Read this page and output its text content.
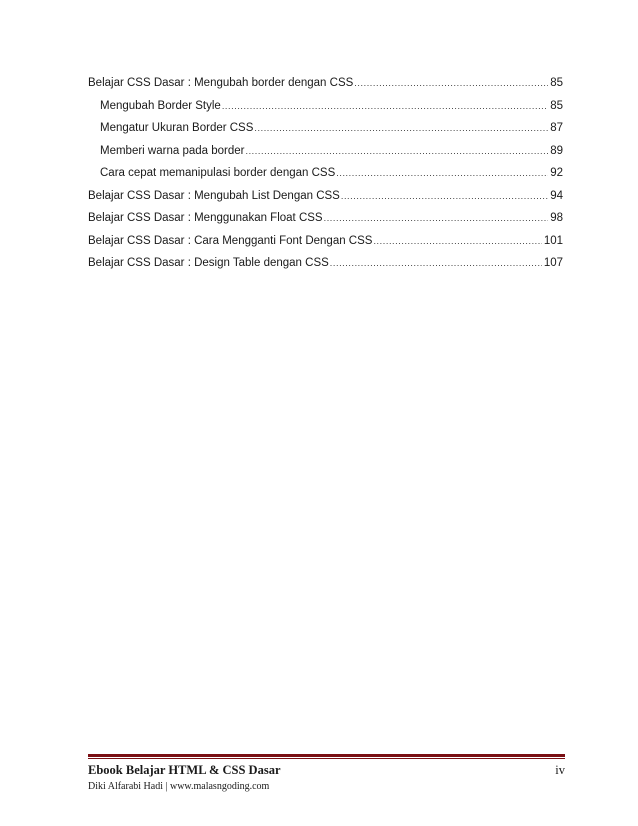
Belajar CSS Dasar : Mengubah border dengan CSS .....	85
Mengubah Border Style .....	85
Mengatur Ukuran Border CSS .....	87
Memberi warna pada border .....	89
Cara cepat memanipulasi border dengan CSS .....	92
Belajar CSS Dasar : Mengubah List Dengan CSS .....	94
Belajar CSS Dasar : Menggunakan Float CSS .....	98
Belajar CSS Dasar : Cara Mengganti Font Dengan CSS .....	101
Belajar CSS Dasar : Design Table dengan CSS .....	107
Ebook Belajar HTML & CSS Dasar	iv
Diki Alfarabi Hadi | www.malasngoding.com
